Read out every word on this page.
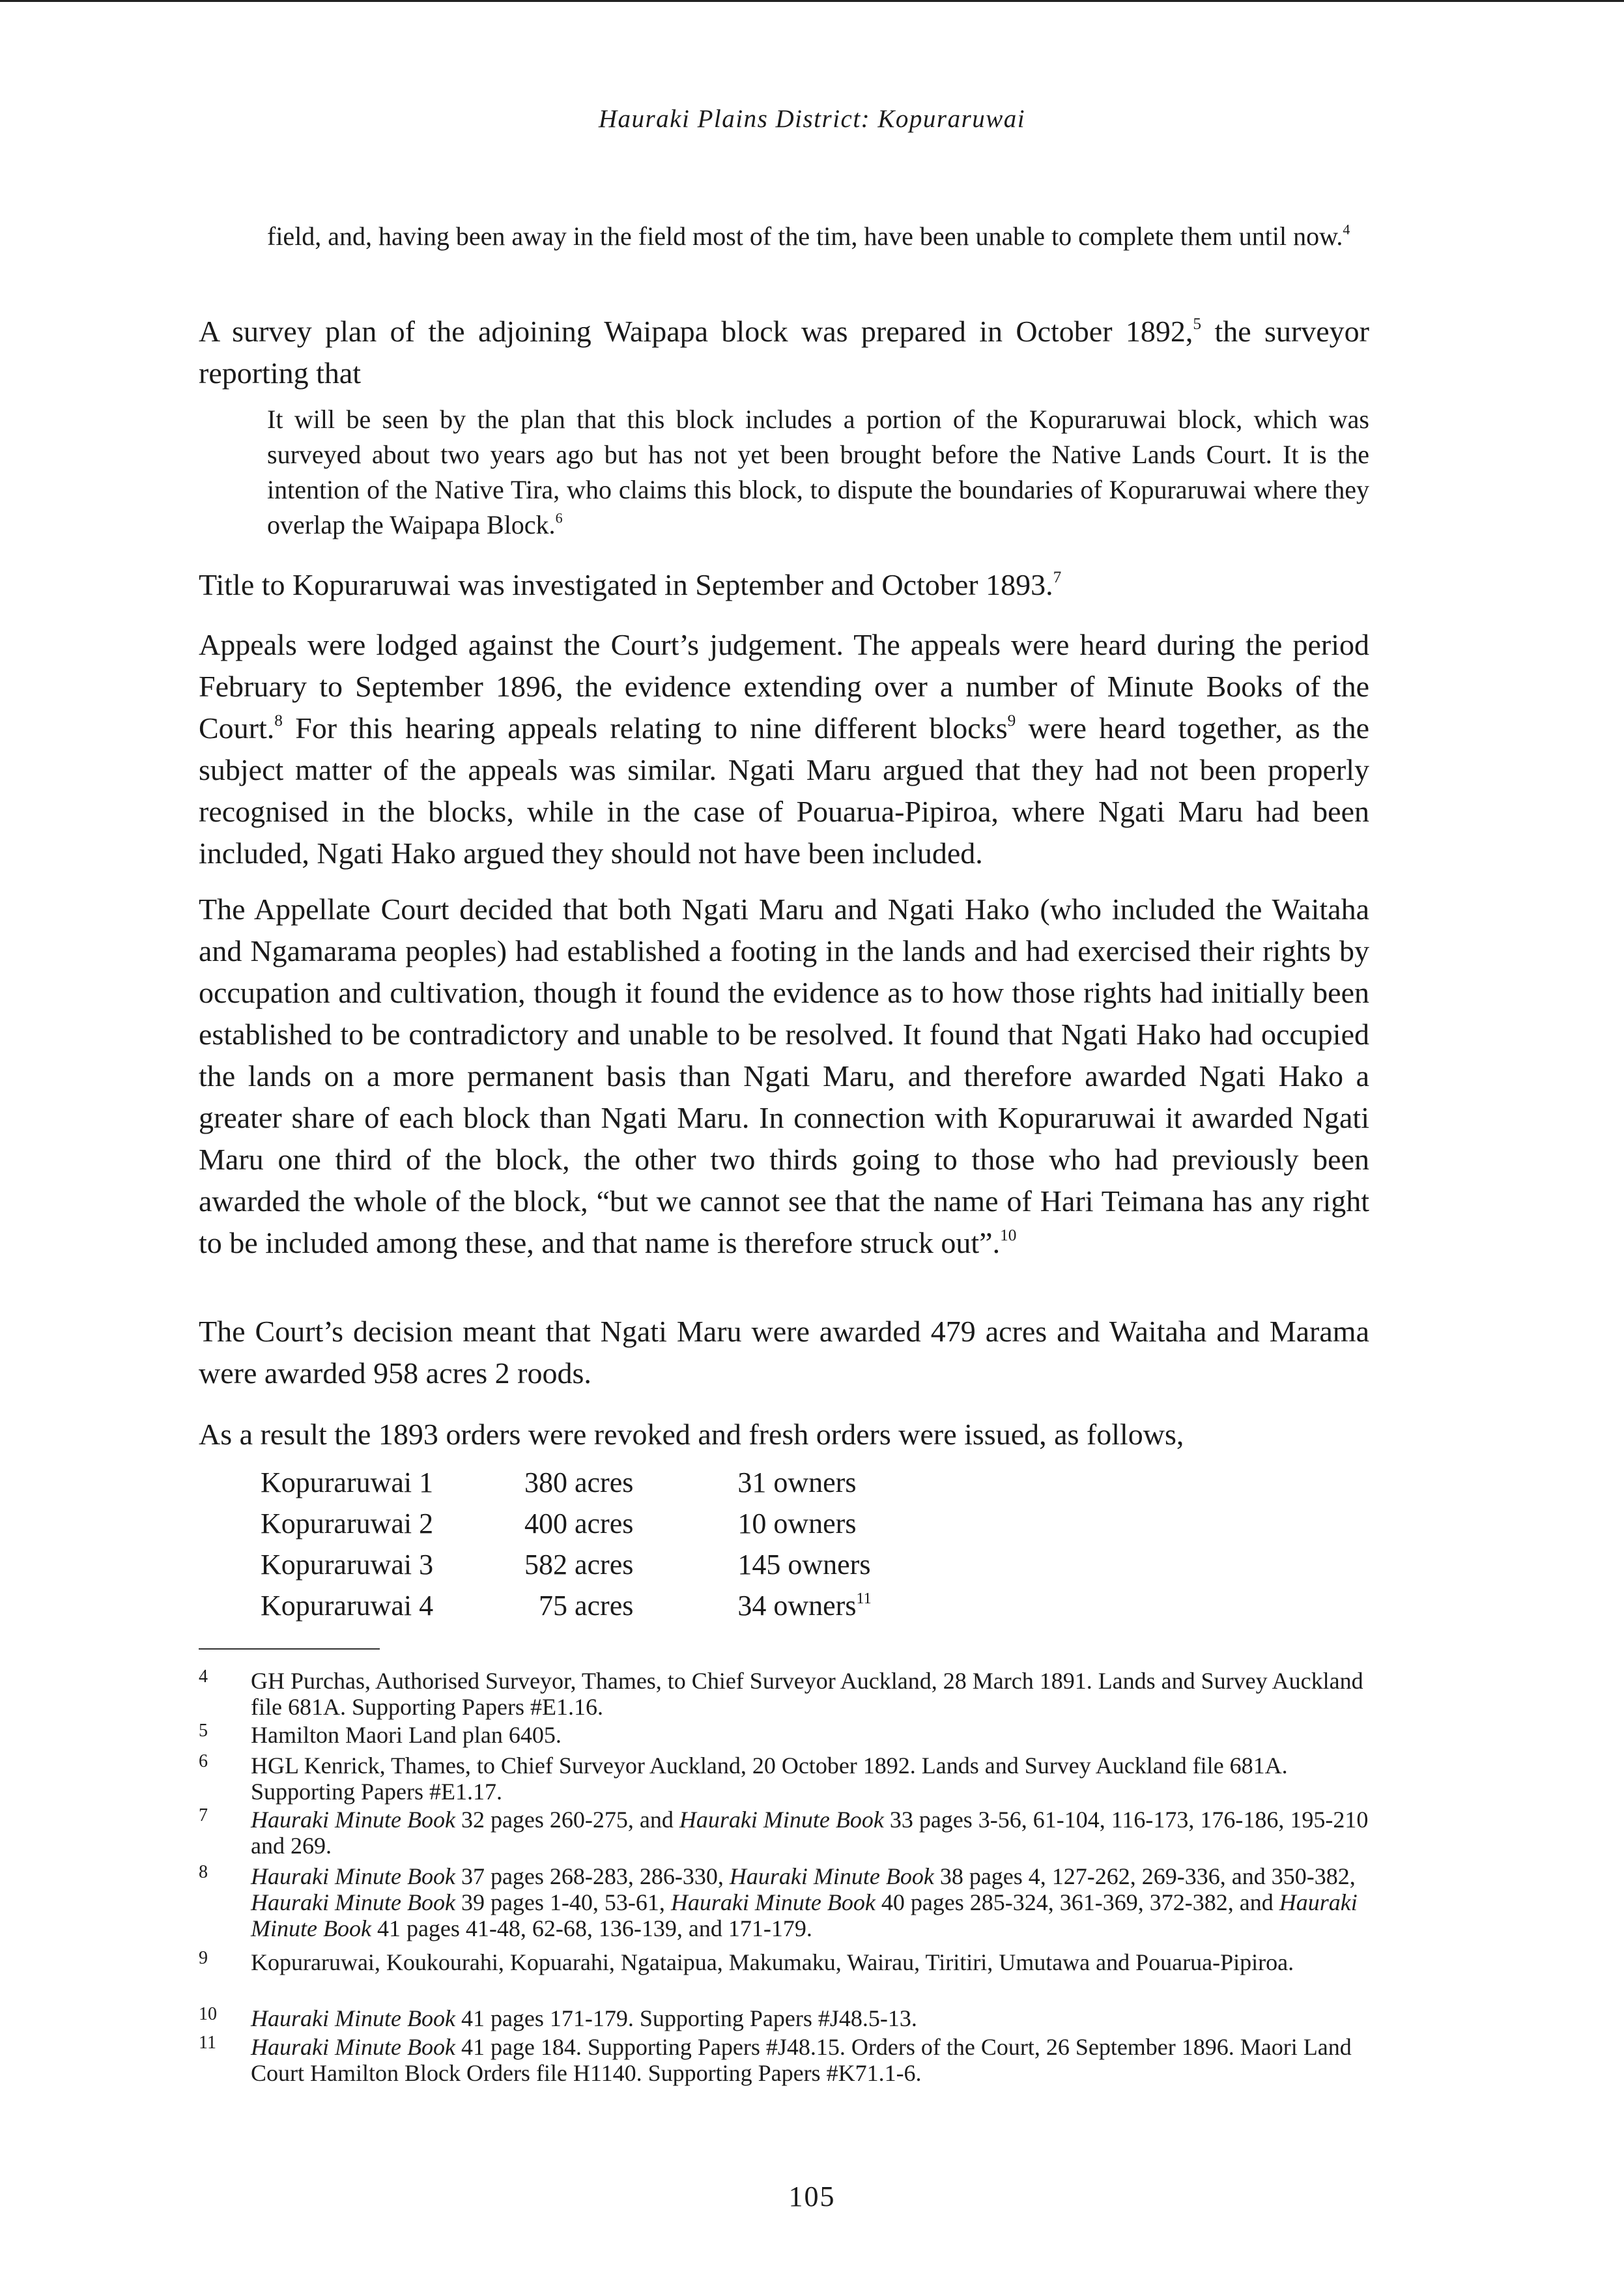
Hauraki Plains District: Kopuraruwai
field, and, having been away in the field most of the tim, have been unable to complete them until now.$^4$
A survey plan of the adjoining Waipapa block was prepared in October 1892,$^5$ the surveyor reporting that
It will be seen by the plan that this block includes a portion of the Kopuraruwai block, which was surveyed about two years ago but has not yet been brought before the Native Lands Court. It is the intention of the Native Tira, who claims this block, to dispute the boundaries of Kopuraruwai where they overlap the Waipapa Block.$^6$
Title to Kopuraruwai was investigated in September and October 1893.$^7$
Appeals were lodged against the Court’s judgement. The appeals were heard during the period February to September 1896, the evidence extending over a number of Minute Books of the Court.$^8$ For this hearing appeals relating to nine different blocks$^9$ were heard together, as the subject matter of the appeals was similar. Ngati Maru argued that they had not been properly recognised in the blocks, while in the case of Pouarua-Pipiroa, where Ngati Maru had been included, Ngati Hako argued they should not have been included.
The Appellate Court decided that both Ngati Maru and Ngati Hako (who included the Waitaha and Ngamarama peoples) had established a footing in the lands and had exercised their rights by occupation and cultivation, though it found the evidence as to how those rights had initially been established to be contradictory and unable to be resolved. It found that Ngati Hako had occupied the lands on a more permanent basis than Ngati Maru, and therefore awarded Ngati Hako a greater share of each block than Ngati Maru. In connection with Kopuraruwai it awarded Ngati Maru one third of the block, the other two thirds going to those who had previously been awarded the whole of the block, “but we cannot see that the name of Hari Teimana has any right to be included among these, and that name is therefore struck out”.$^{10}$
The Court’s decision meant that Ngati Maru were awarded 479 acres and Waitaha and Marama were awarded 958 acres 2 roods.
As a result the 1893 orders were revoked and fresh orders were issued, as follows,
Kopuraruwai 1	380 acres	31 owners
Kopuraruwai 2	400 acres	10 owners
Kopuraruwai 3	582 acres	145 owners
Kopuraruwai 4	75 acres	34 owners$^{11}$
4 GH Purchas, Authorised Surveyor, Thames, to Chief Surveyor Auckland, 28 March 1891. Lands and Survey Auckland file 681A. Supporting Papers #E1.16.
5 Hamilton Maori Land plan 6405.
6 HGL Kenrick, Thames, to Chief Surveyor Auckland, 20 October 1892. Lands and Survey Auckland file 681A. Supporting Papers #E1.17.
7 Hauraki Minute Book 32 pages 260-275, and Hauraki Minute Book 33 pages 3-56, 61-104, 116-173, 176-186, 195-210 and 269.
8 Hauraki Minute Book 37 pages 268-283, 286-330, Hauraki Minute Book 38 pages 4, 127-262, 269-336, and 350-382, Hauraki Minute Book 39 pages 1-40, 53-61, Hauraki Minute Book 40 pages 285-324, 361-369, 372-382, and Hauraki Minute Book 41 pages 41-48, 62-68, 136-139, and 171-179.
9 Kopuraruwai, Koukourahi, Kopuarahi, Ngataipua, Makumaku, Wairau, Tiritiri, Umutawa and Pouarua-Pipiroa.
10 Hauraki Minute Book 41 pages 171-179. Supporting Papers #J48.5-13.
11 Hauraki Minute Book 41 page 184. Supporting Papers #J48.15. Orders of the Court, 26 September 1896. Maori Land Court Hamilton Block Orders file H1140. Supporting Papers #K71.1-6.
105
